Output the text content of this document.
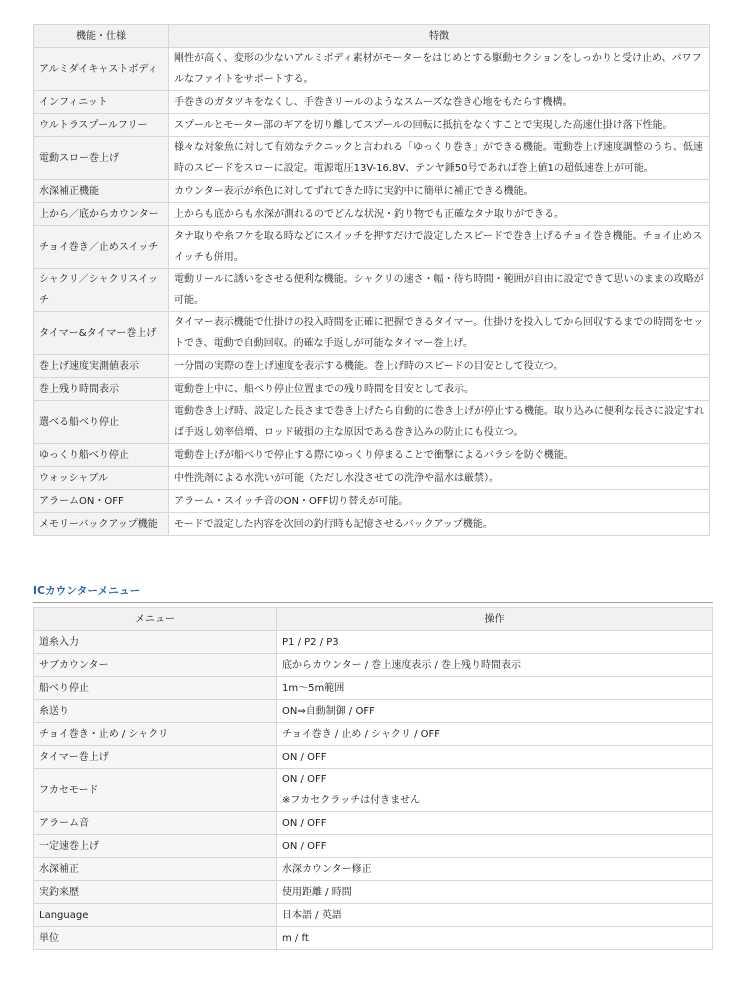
機能・仕様	特徴
アルミダイキャストボディ	剛性が高く、変形の少ないアルミボディ素材がモーターをはじめとする駆動セクションをしっかりと受け止め、パワフルなファイトをサポートする。
インフィニット	手巻きのガタツキをなくし、手巻きリールのようなスムーズな巻き心地をもたらす機構。
ウルトラスプールフリー	スプールとモーター部のギアを切り離してスプールの回転に抵抗をなくすことで実現した高速仕掛け落下性能。
電動スロー巻上げ	様々な対象魚に対して有効なテクニックと言われる「ゆっくり巻き」ができる機能。電動巻上げ速度調整のうち、低速時のスピードをスローに設定。電源電圧13V-16.8V、テンヤ錘50号であれば巻上値1の超低速巻上が可能。
水深補正機能	カウンター表示が糸色に対してずれてきた時に実釣中に簡単に補正できる機能。
上から／底からカウンター	上からも底からも水深が測れるのでどんな状況・釣り物でも正確なタナ取りができる。
チョイ巻き／止めスイッチ	タナ取りや糸フケを取る時などにスイッチを押すだけで設定したスピードで巻き上げるチョイ巻き機能。チョイ止めスイッチも併用。
シャクリ／シャクリスイッチ	電動リールに誘いをさせる便利な機能。シャクリの速さ・幅・待ち時間・範囲が自由に設定できて思いのままの攻略が可能。
タイマー&タイマー巻上げ	タイマー表示機能で仕掛けの投入時間を正確に把握できるタイマー。仕掛けを投入してから回収するまでの時間をセットでき、電動で自動回収。的確な手返しが可能なタイマー巻上げ。
巻上げ速度実測値表示	一分間の実際の巻上げ速度を表示する機能。巻上げ時のスピードの目安として役立つ。
巻上残り時間表示	電動巻上中に、船べり停止位置までの残り時間を目安として表示。
選べる船べり停止	電動巻き上げ時、設定した長さまで巻き上げたら自動的に巻き上げが停止する機能。取り込みに便利な長さに設定すれば手返し効率倍増、ロッド破損の主な原因である巻き込みの防止にも役立つ。
ゆっくり船べり停止	電動巻上げが船べりで停止する際にゆっくり停まることで衝撃によるバラシを防ぐ機能。
ウォッシャブル	中性洗剤による水洗いが可能（ただし水没させての洗浄や温水は厳禁）。
アラームON・OFF	アラーム・スイッチ音のON・OFF切り替えが可能。
メモリーバックアップ機能	モードで設定した内容を次回の釣行時も記憶させるバックアップ機能。
ICカウンターメニュー
メニュー	操作
道糸入力	P1 / P2 / P3

サブカウンター	底からカウンター / 巻上速度表示 / 巻上残り時間表示

船べり停止	1m〜5m範囲

糸送り	ON⇒自動制御 / OFF

チョイ巻き・止め / シャクリ	チョイ巻き / 止め / シャクリ / OFF

タイマー巻上げ	ON / OFF

フカセモード	ON / OFF
※フカセクラッチは付きません

アラーム音	ON / OFF

一定速巻上げ	ON / OFF

水深補正	水深カウンター修正

実釣来歴	使用距離 / 時間

Language	日本語 / 英語

単位	m / ft
